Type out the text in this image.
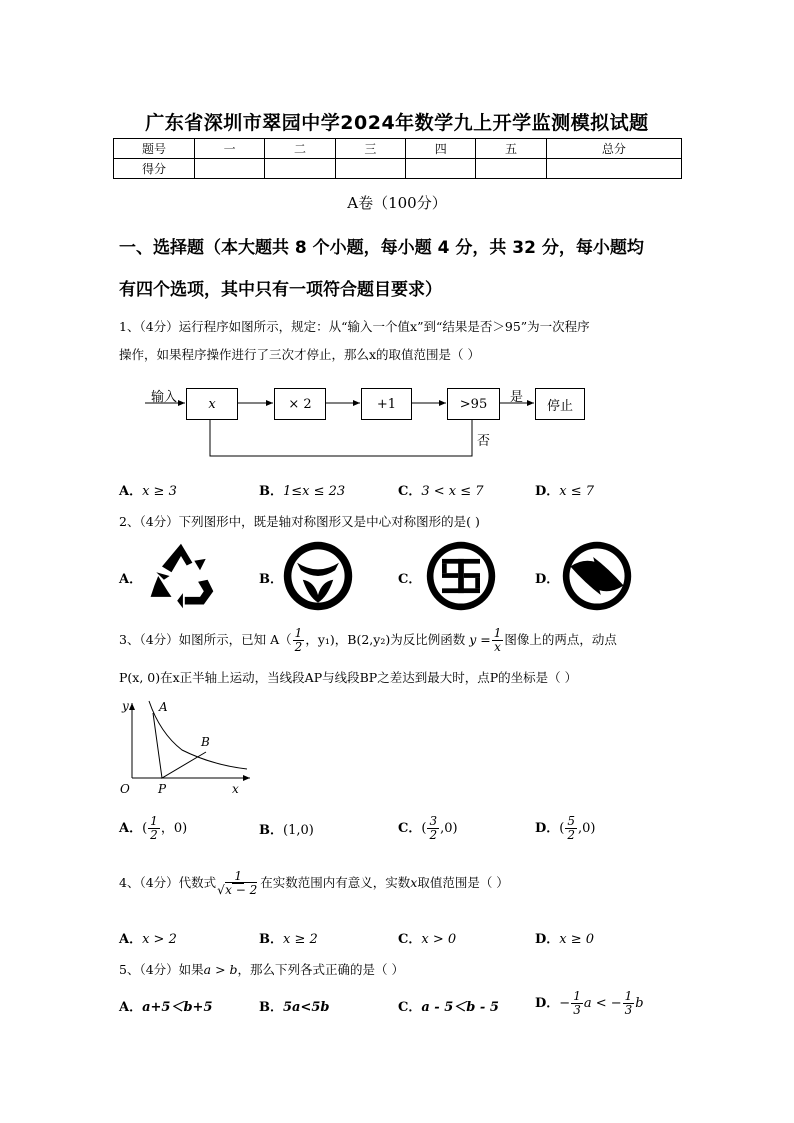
广东省深圳市翠园中学2024年数学九上开学监测模拟试题
题号	一	二	三	四	五	总分
得分						
A卷（100分）
一、选择题（本大题共 8 个小题，每小题 4 分，共 32 分，每小题均
有四个选项，其中只有一项符合题目要求）
1、（4分）运行程序如图所示，规定：从“输入一个值x”到“结果是否＞95”为一次程序
操作，如果程序操作进行了三次才停止，那么x的取值范围是（ ）
输入	x	× 2	+1	>95	是
停止
否
A．x ≥ 3	B．1≤x ≤ 23	C．3 < x ≤ 7	D．x ≤ 7
2、（4分）下列图形中，既是轴对称图形又是中心对称图形的是( )
A．	B．	C．	D．
3、（4分）如图所示，已知 $A( \frac{1}{2}$ ，y₁)，B(2,y₂)为反比例函数 $y = \frac{1}{x}$ 图像上的两点，动点
P(x, 0)在x正半轴上运动，当线段AP与线段BP之差达到最大时，点P的坐标是（ ）
y	A
B
O P	x
A．( $\frac{1}{2}$ ，0)	B．(1,0)	C．( $\frac{3}{2} ,0$)	D．( $\frac{5}{2} ,0$)
4、（4分）代数式 $\frac{1}{√ x - 2}$ 在实数范围内有意义，实数x取值范围是（ ）
A．x > 2	B．x ≥ 2	C．x > 0	D．x ≥ 0
5、（4分）如果a > b，那么下列各式正确的是（ ）
A．a+5＜b+5	B．5a<5b	C．a - 5＜b - 5	D．− $\frac{1}{3}$ a < − $\frac{1}{3}$ b
